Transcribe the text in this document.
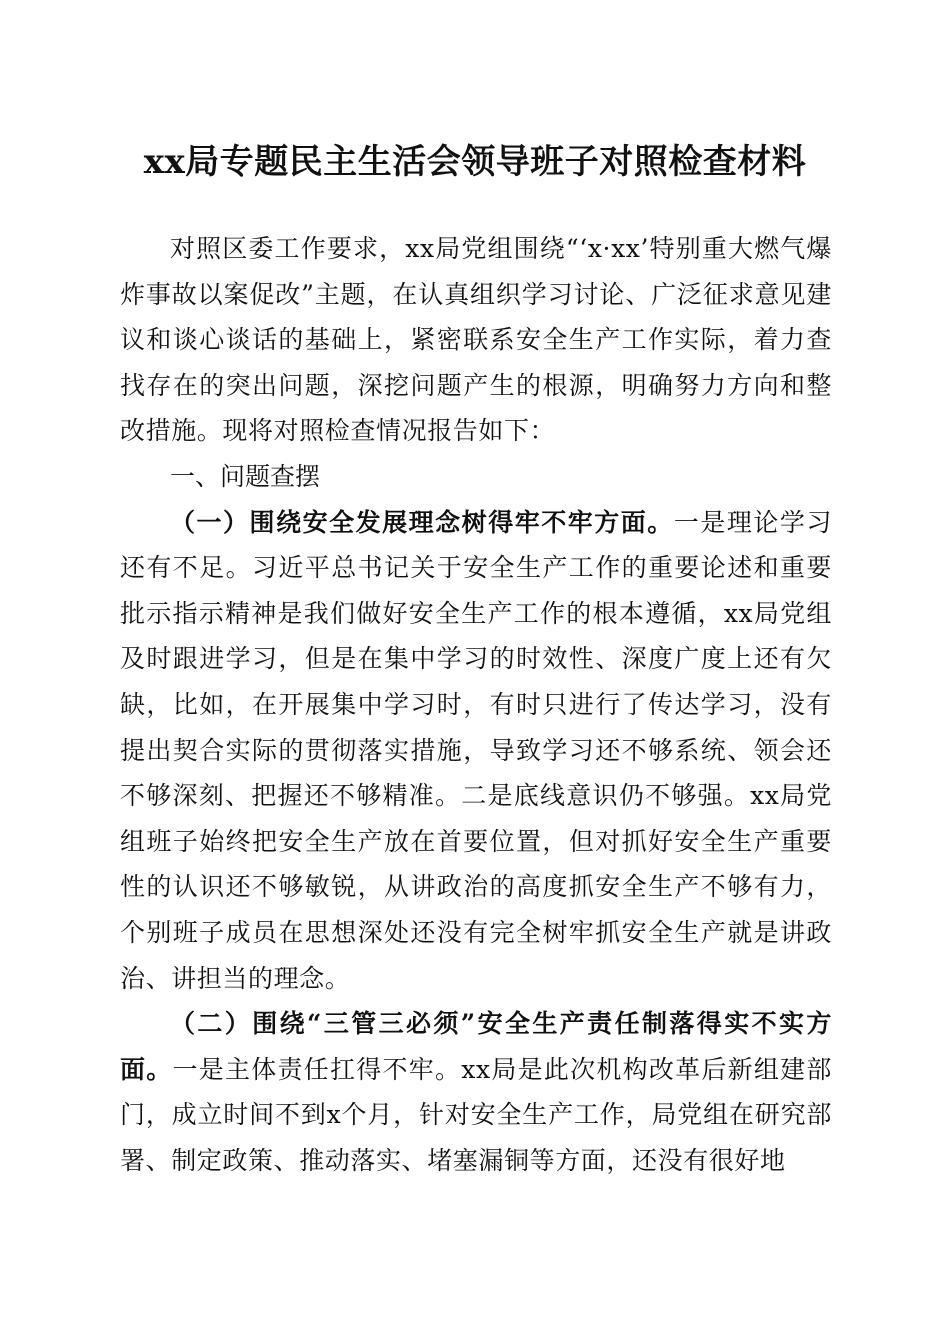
xx局专题民主生活会领导班子对照检查材料

对照区委工作要求，xx局党组围绕“‘x·xx’特别重大燃气爆炸事故以案促改”主题，在认真组织学习讨论、广泛征求意见建议和谈心谈话的基础上，紧密联系安全生产工作实际，着力查找存在的突出问题，深挖问题产生的根源，明确努力方向和整改措施。现将对照检查情况报告如下：

一、问题查摆

（一）围绕安全发展理念树得牢不牢方面。一是理论学习还有不足。习近平总书记关于安全生产工作的重要论述和重要批示指示精神是我们做好安全生产工作的根本遵循，xx局党组及时跟进学习，但是在集中学习的时效性、深度广度上还有欠缺，比如，在开展集中学习时，有时只进行了传达学习，没有提出契合实际的贯彻落实措施，导致学习还不够系统、领会还不够深刻、把握还不够精准。二是底线意识仍不够强。xx局党组班子始终把安全生产放在首要位置，但对抓好安全生产重要性的认识还不够敏锐，从讲政治的高度抓安全生产不够有力，个别班子成员在思想深处还没有完全树牢抓安全生产就是讲政治、讲担当的理念。

（二）围绕“三管三必须”安全生产责任制落得实不实方面。一是主体责任扛得不牢。xx局是此次机构改革后新组建部门，成立时间不到x个月，针对安全生产工作，局党组在研究部署、制定政策、推动落实、堵塞漏铜等方面，还没有很好地
